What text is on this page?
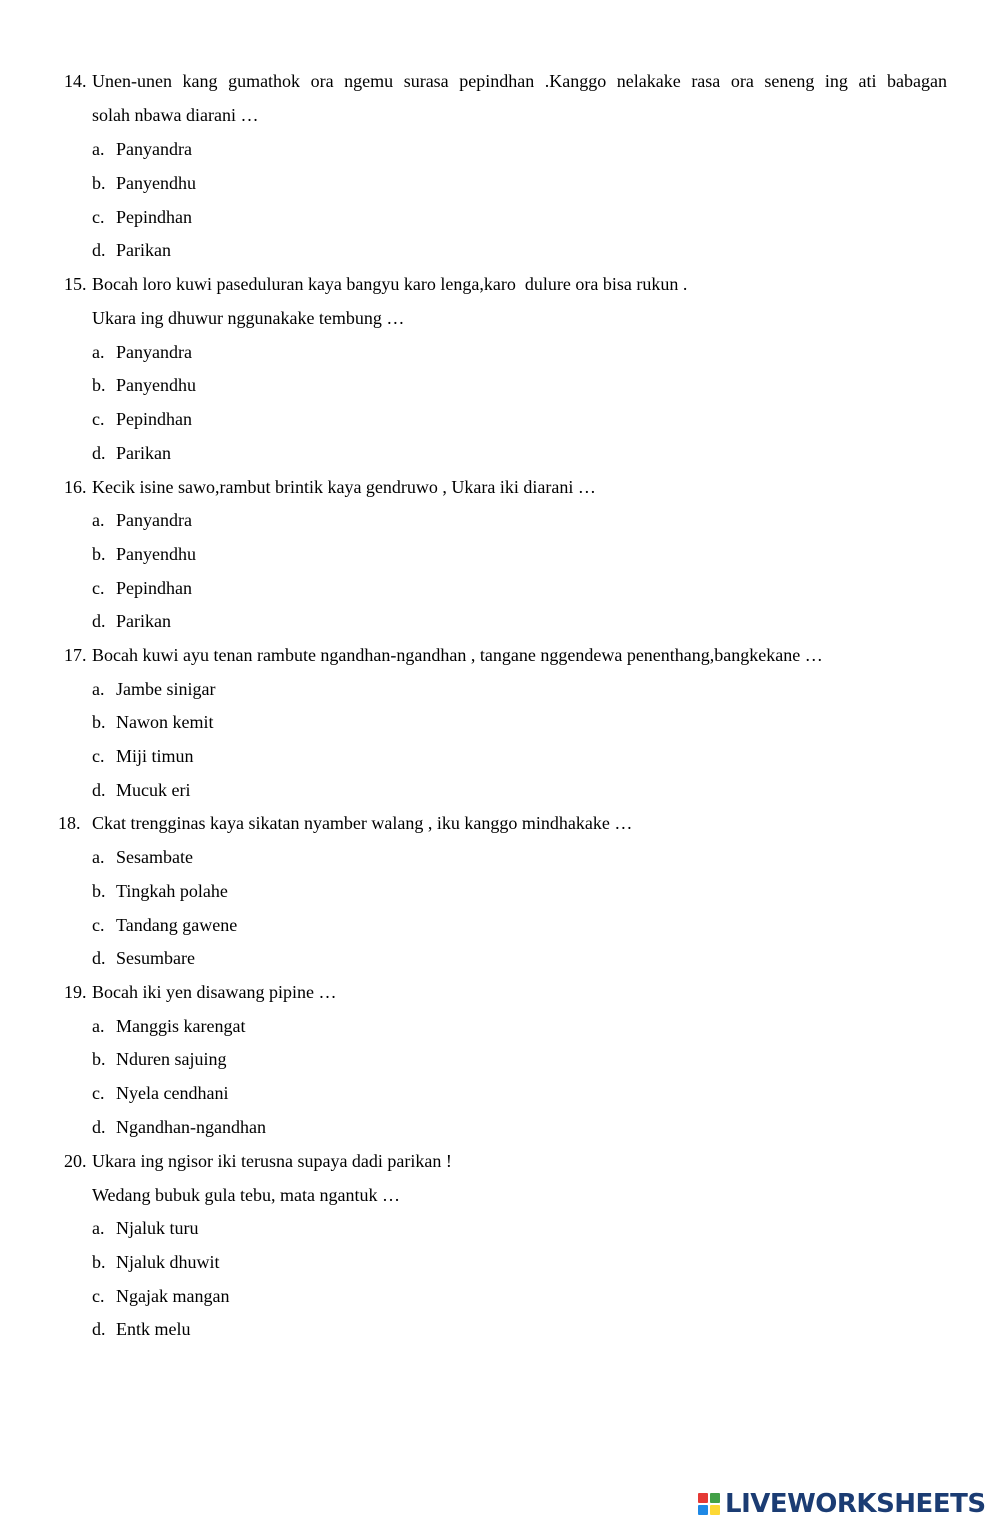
14. Unen-unen kang gumathok ora ngemu surasa pepindhan .Kanggo nelakake rasa ora seneng ing ati babagan
solah nbawa diarani …
a. Panyandra
b. Panyendhu
c. Pepindhan
d. Parikan
15. Bocah loro kuwi paseduluran kaya bangyu karo lenga,karo  dulure ora bisa rukun .
Ukara ing dhuwur nggunakake tembung …
a. Panyandra
b. Panyendhu
c. Pepindhan
d. Parikan
16. Kecik isine sawo,rambut brintik kaya gendruwo , Ukara iki diarani …
a. Panyandra
b. Panyendhu
c. Pepindhan
d. Parikan
17. Bocah kuwi ayu tenan rambute ngandhan-ngandhan , tangane nggendewa penenthang,bangkekane …
a. Jambe sinigar
b. Nawon kemit
c. Miji timun
d. Mucuk eri
18. Ckat trengginas kaya sikatan nyamber walang , iku kanggo mindhakake …
a. Sesambate
b. Tingkah polahe
c. Tandang gawene
d. Sesumbare
19. Bocah iki yen disawang pipine …
a. Manggis karengat
b. Nduren sajuing
c. Nyela cendhani
d. Ngandhan-ngandhan
20. Ukara ing ngisor iki terusna supaya dadi parikan !
Wedang bubuk gula tebu, mata ngantuk …
a. Njaluk turu
b. Njaluk dhuwit
c. Ngajak mangan
d. Entk melu
LIVEWORKSHEETS
